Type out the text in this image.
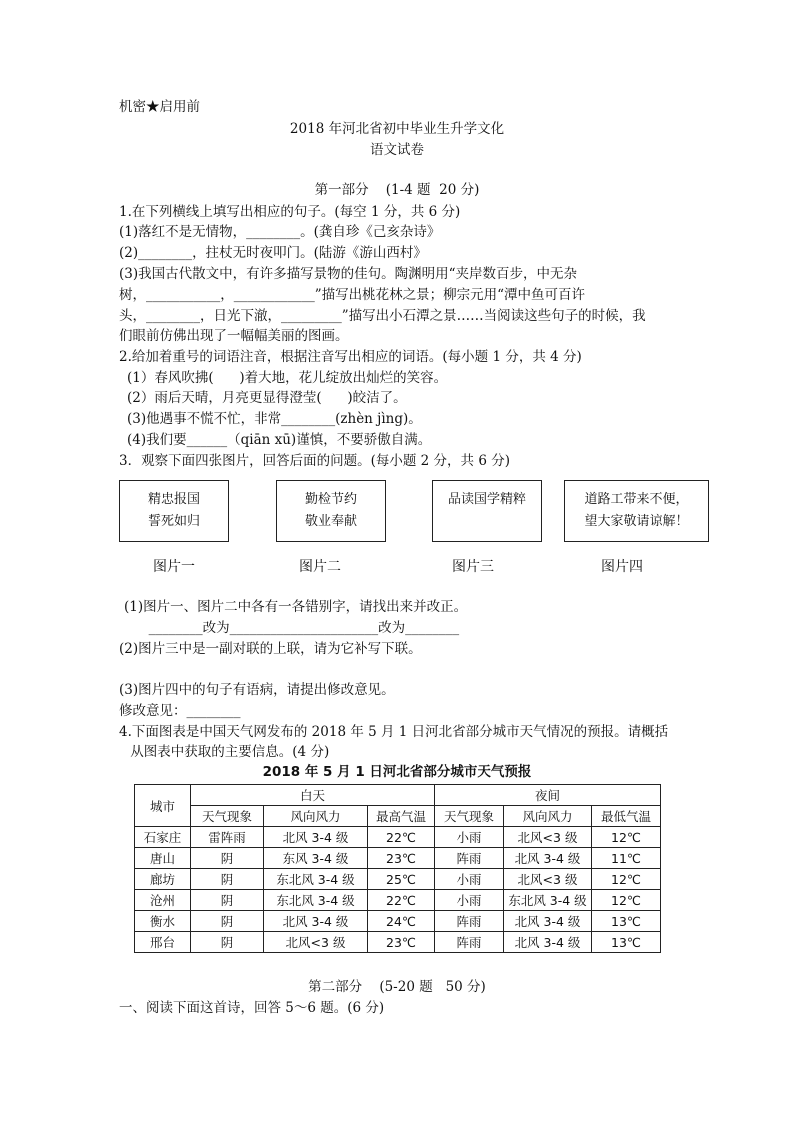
机密★启用前
2018 年河北省初中毕业生升学文化
语文试卷
第一部分    (1-4 题  20 分)
1.在下列横线上填写出相应的句子。(每空 1 分，共 6 分)
(1)落红不是无情物，________。(龚自珍《己亥杂诗》
(2)________，拄杖无时夜叩门。(陆游《游山西村》
(3)我国古代散文中，有许多描写景物的佳句。陶渊明用“夹岸数百步，中无杂
树，___________，____________”描写出桃花林之景；柳宗元用“潭中鱼可百许
头，________，日光下澈，_________”描写出小石潭之景……当阅读这些句子的时候，我
们眼前仿佛出现了一幅幅美丽的图画。
2.给加着重号的词语注音，根据注音写出相应的词语。(每小题 1 分，共 4 分)
(1）春风吹拂(      )着大地，花儿绽放出灿烂的笑容。
(2）雨后天晴，月亮更显得澄莹(      )皎洁了。
(3)他遇事不慌不忙，非常________(zhèn jìng)。
(4)我们要______（qiān xū)谨慎，不要骄傲自满。
3．观察下面四张图片，回答后面的问题。(每小题 2 分，共 6 分)
精忠报国
誓死如归
勤检节约
敬业奉献
品读国学精粹	道路工带来不便，
望大家敬请谅解！
图片一	图片二	图片三	图片四
(1)图片一、图片二中各有一各错别字，请找出来并改正。
________改为______________________改为________
(2)图片三中是一副对联的上联，请为它补写下联。
(3)图片四中的句子有语病，请提出修改意见。
修改意见：________
4.下面图表是中国天气网发布的 2018 年 5 月 1 日河北省部分城市天气情况的预报。请概括
从图表中获取的主要信息。(4 分)
2018 年 5 月 1 日河北省部分城市天气预报
城市	白天			夜间		
	天气现象	风向风力	最高气温	天气现象	风向风力	最低气温
石家庄	雷阵雨	北风 3-4 级	22℃	小雨	北风<3 级	12℃
唐山	阴	东风 3-4 级	23℃	阵雨	北风 3-4 级	11℃
廊坊	阴	东北风 3-4 级	25℃	小雨	北风<3 级	12℃
沧州	阴	东北风 3-4 级	22℃	小雨	东北风 3-4 级	12℃
衡水	阴	北风 3-4 级	24℃	阵雨	北风 3-4 级	13℃
邢台	阴	北风<3 级	23℃	阵雨	北风 3-4 级	13℃
第二部分    (5-20 题   50 分)
一、阅读下面这首诗，回答 5～6 题。(6 分)
